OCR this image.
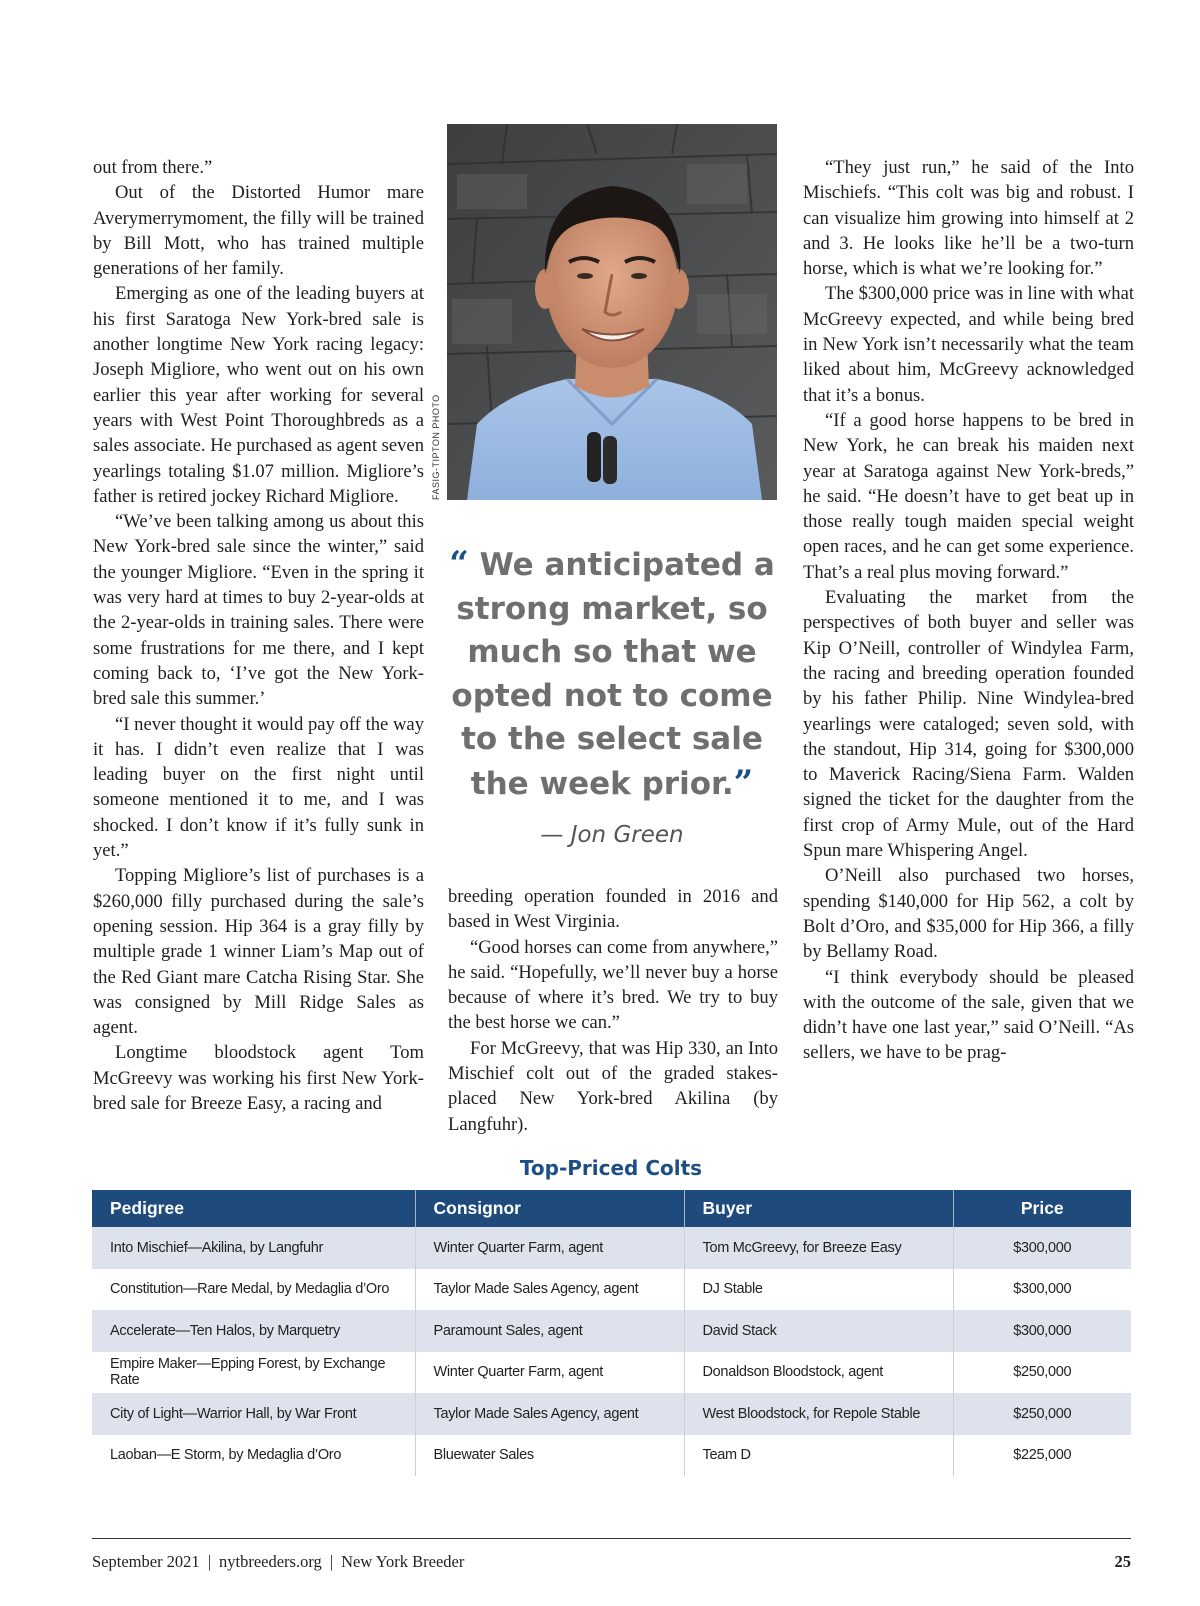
out from there.”

Out of the Distorted Humor mare Averymerrymoment, the filly will be trained by Bill Mott, who has trained multiple generations of her family.

Emerging as one of the leading buyers at his first Saratoga New York-bred sale is another longtime New York racing legacy: Joseph Migliore, who went out on his own earlier this year after working for several years with West Point Thoroughbreds as a sales associate. He purchased as agent seven yearlings totaling $1.07 million. Migliore’s father is retired jockey Richard Migliore.

“We’ve been talking among us about this New York-bred sale since the winter,” said the younger Migliore. “Even in the spring it was very hard at times to buy 2-year-olds at the 2-year-olds in training sales. There were some frustrations for me there, and I kept coming back to, ‘I’ve got the New York-bred sale this summer.’

“I never thought it would pay off the way it has. I didn’t even realize that I was leading buyer on the first night until someone mentioned it to me, and I was shocked. I don’t know if it’s fully sunk in yet.”

Topping Migliore’s list of purchases is a $260,000 filly purchased during the sale’s opening session. Hip 364 is a gray filly by multiple grade 1 winner Liam’s Map out of the Red Giant mare Catcha Rising Star. She was consigned by Mill Ridge Sales as agent.

Longtime bloodstock agent Tom McGreevy was working his first New York-bred sale for Breeze Easy, a racing and

FASIG-TIPTON PHOTO
“ We anticipated a strong market, so much so that we opted not to come to the select sale the week prior.”
— Jon Green

breeding operation founded in 2016 and based in West Virginia.

“Good horses can come from anywhere,” he said. “Hopefully, we’ll never buy a horse because of where it’s bred. We try to buy the best horse we can.”

For McGreevy, that was Hip 330, an Into Mischief colt out of the graded stakes-placed New York-bred Akilina (by Langfuhr).

“They just run,” he said of the Into Mischiefs. “This colt was big and robust. I can visualize him growing into himself at 2 and 3. He looks like he’ll be a two-turn horse, which is what we’re looking for.”

The $300,000 price was in line with what McGreevy expected, and while being bred in New York isn’t necessarily what the team liked about him, McGreevy acknowledged that it’s a bonus.

“If a good horse happens to be bred in New York, he can break his maiden next year at Saratoga against New York-breds,” he said. “He doesn’t have to get beat up in those really tough maiden special weight open races, and he can get some experience. That’s a real plus moving forward.”

Evaluating the market from the perspectives of both buyer and seller was Kip O’Neill, controller of Windylea Farm, the racing and breeding operation founded by his father Philip. Nine Windylea-bred yearlings were cataloged; seven sold, with the standout, Hip 314, going for $300,000 to Maverick Racing/Siena Farm. Walden signed the ticket for the daughter from the first crop of Army Mule, out of the Hard Spun mare Whispering Angel.

O’Neill also purchased two horses, spending $140,000 for Hip 562, a colt by Bolt d’Oro, and $35,000 for Hip 366, a filly by Bellamy Road.

“I think everybody should be pleased with the outcome of the sale, given that we didn’t have one last year,” said O’Neill. “As sellers, we have to be prag-

Top-Priced Colts
Pedigree	Consignor	Buyer	Price
Into Mischief—Akilina, by Langfuhr	Winter Quarter Farm, agent	Tom McGreevy, for Breeze Easy	$300,000
Constitution—Rare Medal, by Medaglia d’Oro	Taylor Made Sales Agency, agent	DJ Stable	$300,000
Accelerate—Ten Halos, by Marquetry	Paramount Sales, agent	David Stack	$300,000
Empire Maker—Epping Forest, by Exchange Rate	Winter Quarter Farm, agent	Donaldson Bloodstock, agent	$250,000
City of Light—Warrior Hall, by War Front	Taylor Made Sales Agency, agent	West Bloodstock, for Repole Stable	$250,000
Laoban—E Storm, by Medaglia d’Oro	Bluewater Sales	Team D	$225,000
September 2021 | nytbreeders.org | New York Breeder	25
